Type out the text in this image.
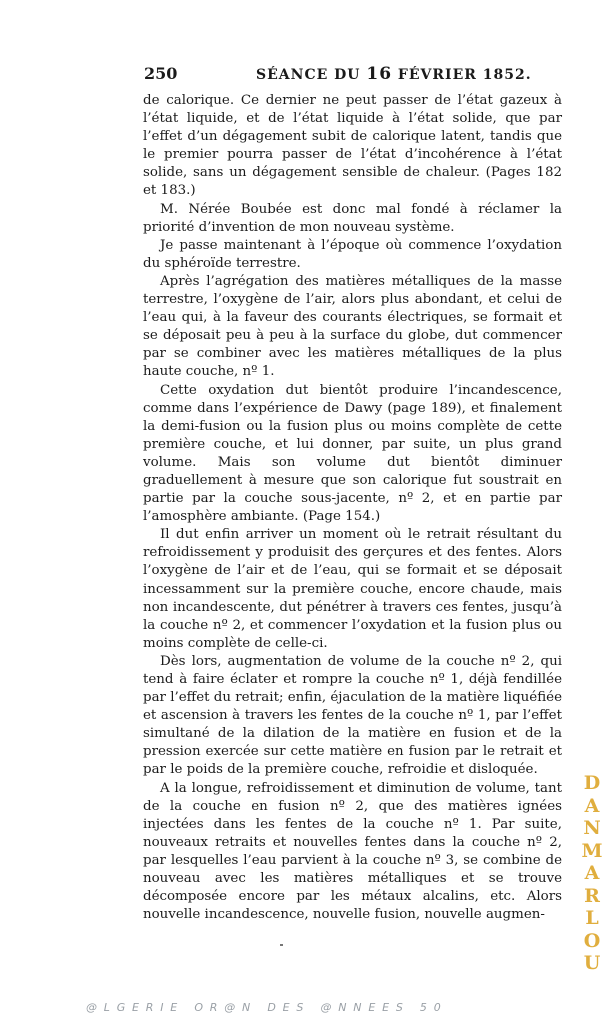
250	SÉANCE DU 16 FÉVRIER 1852.

de calorique. Ce dernier ne peut passer de l’état gazeux à l’état liquide, et de l’état liquide à l’état solide, que par l’effet d’un dégagement subit de calorique latent, tandis que le premier pourra passer de l’état d’incohérence à l’état solide, sans un dégagement sensible de chaleur. (Pages 182 et 183.)

M. Nérée Boubée est donc mal fondé à réclamer la priorité d’invention de mon nouveau système.

Je passe maintenant à l’époque où commence l’oxydation du sphéroïde terrestre.

Après l’agrégation des matières métalliques de la masse terrestre, l’oxygène de l’air, alors plus abondant, et celui de l’eau qui, à la faveur des courants électriques, se formait et se déposait peu à peu à la surface du globe, dut commencer par se combiner avec les matières métalliques de la plus haute couche, nº 1.

Cette oxydation dut bientôt produire l’incandescence, comme dans l’expérience de Dawy (page 189), et finalement la demi-fusion ou la fusion plus ou moins complète de cette première couche, et lui donner, par suite, un plus grand volume. Mais son volume dut bientôt diminuer graduellement à mesure que son calorique fut soustrait en partie par la couche sous-jacente, nº 2, et en partie par l’amosphère ambiante. (Page 154.)

Il dut enfin arriver un moment où le retrait résultant du refroidissement y produisit des gerçures et des fentes. Alors l’oxygène de l’air et de l’eau, qui se formait et se déposait incessamment sur la première couche, encore chaude, mais non incandescente, dut pénétrer à travers ces fentes, jusqu’à la couche nº 2, et commencer l’oxydation et la fusion plus ou moins complète de celle-ci.

Dès lors, augmentation de volume de la couche nº 2, qui tend à faire éclater et rompre la couche nº 1, déjà fendillée par l’effet du retrait; enfin, éjaculation de la matière liquéfiée et ascension à travers les fentes de la couche nº 1, par l’effet simultané de la dilation de la matière en fusion et de la pression exercée sur cette matière en fusion par le retrait et par le poids de la première couche, refroidie et disloquée.

A la longue, refroidissement et diminution de volume, tant de la couche en fusion nº 2, que des matières ignées injectées dans les fentes de la couche nº 1. Par suite, nouveaux retraits et nouvelles fentes dans la couche nº 2, par lesquelles l’eau parvient à la couche nº 3, se combine de nouveau avec les matières métalliques et se trouve décomposée encore par les métaux alcalins, etc. Alors nouvelle incandescence, nouvelle fusion, nouvelle augmen-

DANMARLOU
@LGERIE OR@N DES @NNEES 50
